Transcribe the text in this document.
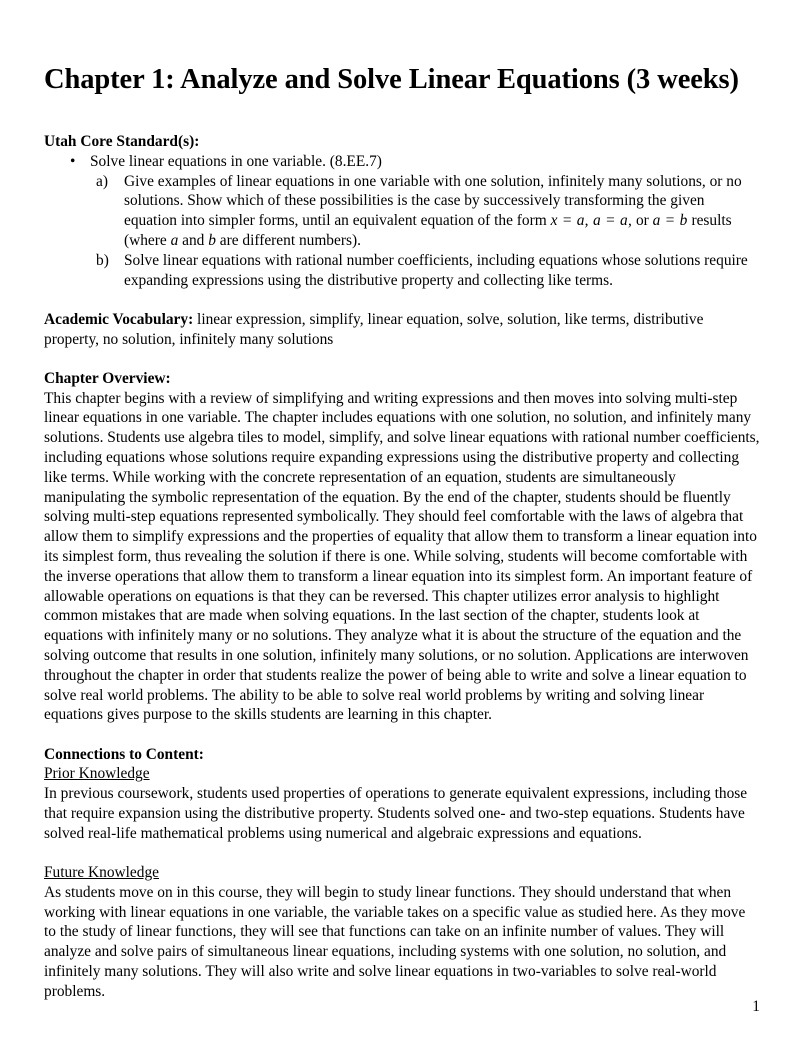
Chapter 1: Analyze and Solve Linear Equations (3 weeks)
Utah Core Standard(s):
• Solve linear equations in one variable. (8.EE.7)
a)	Give examples of linear equations in one variable with one solution, infinitely many solutions, or no solutions. Show which of these possibilities is the case by successively transforming the given equation into simpler forms, until an equivalent equation of the form x = a, a = a, or a = b results (where a and b are different numbers).
b) Solve linear equations with rational number coefficients, including equations whose solutions require expanding expressions using the distributive property and collecting like terms.

Academic Vocabulary: linear expression, simplify, linear equation, solve, solution, like terms, distributive property, no solution, infinitely many solutions

Chapter Overview:

This chapter begins with a review of simplifying and writing expressions and then moves into solving multi-step linear equations in one variable. The chapter includes equations with one solution, no solution, and infinitely many solutions. Students use algebra tiles to model, simplify, and solve linear equations with rational number coefficients, including equations whose solutions require expanding expressions using the distributive property and collecting like terms. While working with the concrete representation of an equation, students are simultaneously manipulating the symbolic representation of the equation. By the end of the chapter, students should be fluently solving multi-step equations represented symbolically. They should feel comfortable with the laws of algebra that allow them to simplify expressions and the properties of equality that allow them to transform a linear equation into its simplest form, thus revealing the solution if there is one. While solving, students will become comfortable with the inverse operations that allow them to transform a linear equation into its simplest form. An important feature of allowable operations on equations is that they can be reversed. This chapter utilizes error analysis to highlight common mistakes that are made when solving equations. In the last section of the chapter, students look at equations with infinitely many or no solutions. They analyze what it is about the structure of the equation and the solving outcome that results in one solution, infinitely many solutions, or no solution. Applications are interwoven throughout the chapter in order that students realize the power of being able to write and solve a linear equation to solve real world problems. The ability to be able to solve real world problems by writing and solving linear equations gives purpose to the skills students are learning in this chapter.

Connections to Content:
Prior Knowledge

In previous coursework, students used properties of operations to generate equivalent expressions, including those that require expansion using the distributive property. Students solved one- and two-step equations. Students have solved real-life mathematical problems using numerical and algebraic expressions and equations.

Future Knowledge

As students move on in this course, they will begin to study linear functions. They should understand that when working with linear equations in one variable, the variable takes on a specific value as studied here. As they move to the study of linear functions, they will see that functions can take on an infinite number of values. They will analyze and solve pairs of simultaneous linear equations, including systems with one solution, no solution, and infinitely many solutions. They will also write and solve linear equations in two-variables to solve real-world problems.

1
